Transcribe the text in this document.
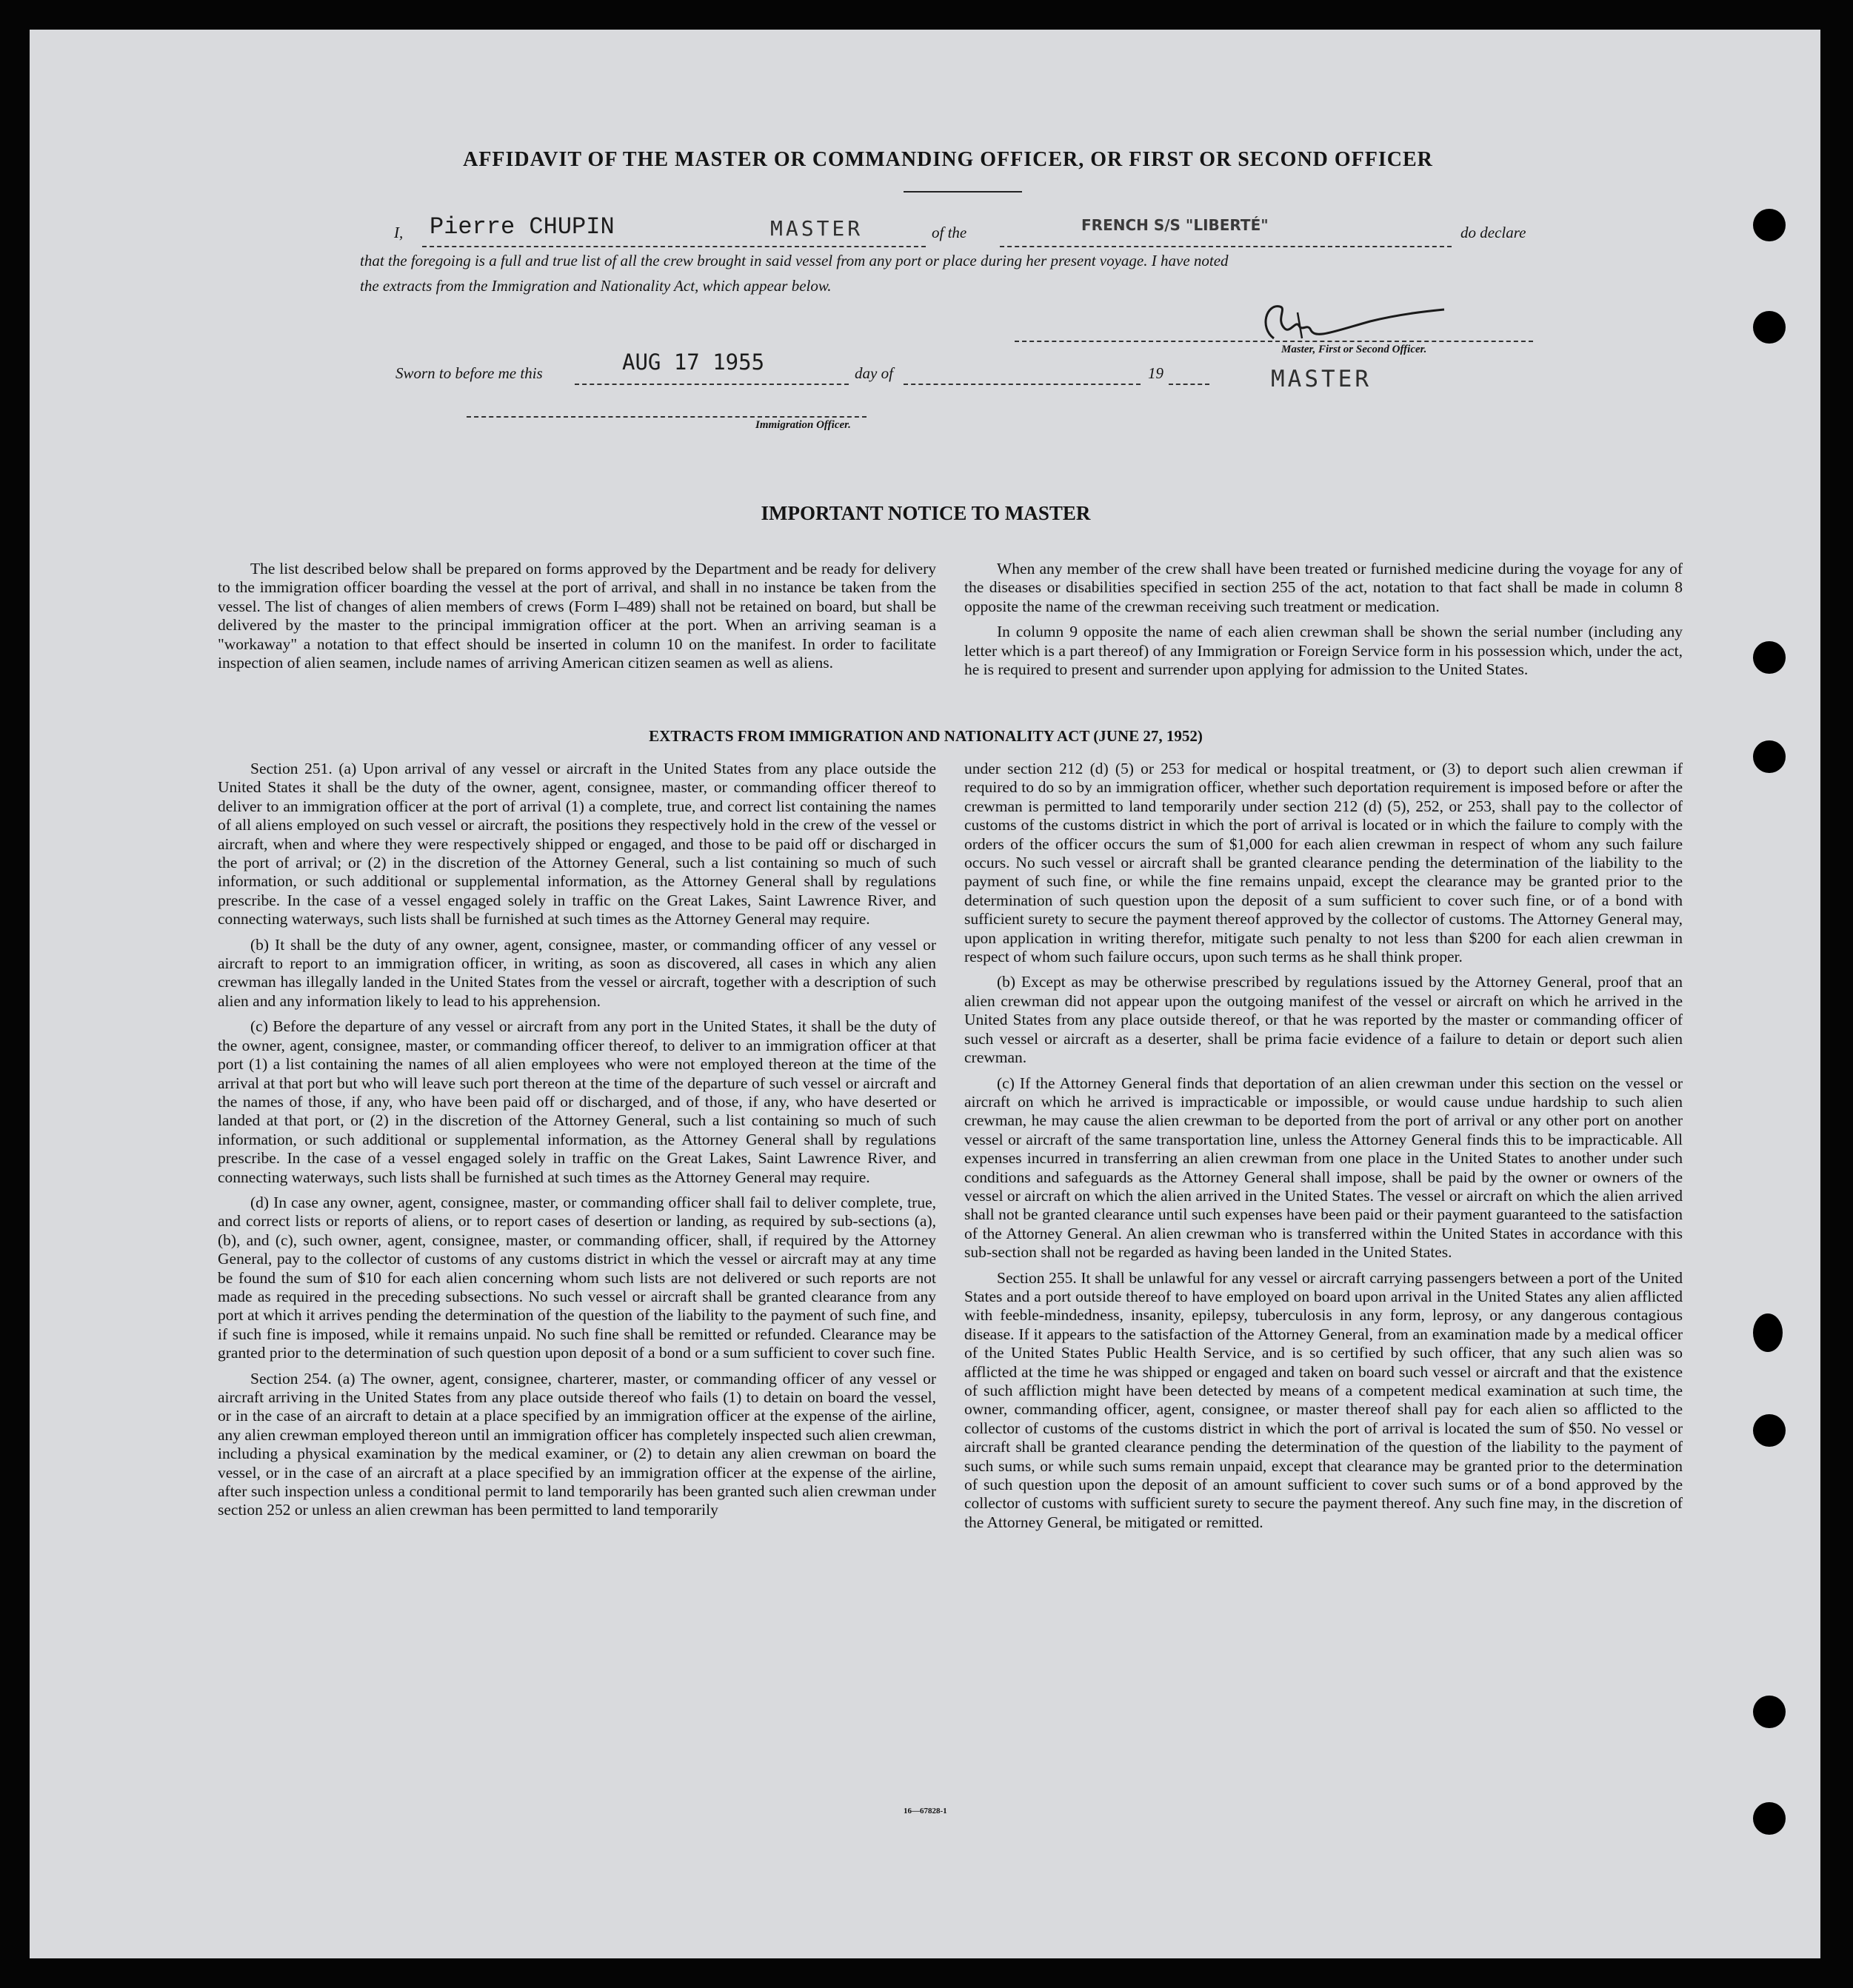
AFFIDAVIT OF THE MASTER OR COMMANDING OFFICER, OR FIRST OR SECOND OFFICER
I, Pierre CHUPIN	MASTER	of the	FRENCH S/S "LIBERTÉ"	do declare
that the foregoing is a full and true list of all the crew brought in said vessel from any port or place during her present voyage. I have noted
the extracts from the Immigration and Nationality Act, which appear below.
Master, First or Second Officer.
MASTER
Sworn to before me this	AUG 17 1955	day of	19
Immigration Officer.
IMPORTANT NOTICE TO MASTER

The list described below shall be prepared on forms approved by the Department and be ready for delivery to the immigration officer boarding the vessel at the port of arrival, and shall in no instance be taken from the vessel. The list of changes of alien members of crews (Form I–489) shall not be retained on board, but shall be delivered by the master to the principal immigration officer at the port. When an arriving seaman is a "workaway" a notation to that effect should be inserted in column 10 on the manifest. In order to facilitate inspection of alien seamen, include names of arriving American citizen seamen as well as aliens.

When any member of the crew shall have been treated or furnished medicine during the voyage for any of the diseases or disabilities specified in section 255 of the act, notation to that fact shall be made in column 8 opposite the name of the crewman receiving such treatment or medication.

In column 9 opposite the name of each alien crewman shall be shown the serial number (including any letter which is a part thereof) of any Immigration or Foreign Service form in his possession which, under the act, he is required to present and surrender upon applying for admission to the United States.

EXTRACTS FROM IMMIGRATION AND NATIONALITY ACT (JUNE 27, 1952)

Section 251. (a) Upon arrival of any vessel or aircraft in the United States from any place outside the United States it shall be the duty of the owner, agent, consignee, master, or commanding officer thereof to deliver to an immigration officer at the port of arrival (1) a complete, true, and correct list containing the names of all aliens employed on such vessel or aircraft, the positions they respectively hold in the crew of the vessel or aircraft, when and where they were respectively shipped or engaged, and those to be paid off or discharged in the port of arrival; or (2) in the discretion of the Attorney General, such a list containing so much of such information, or such additional or supplemental information, as the Attorney General shall by regulations prescribe. In the case of a vessel engaged solely in traffic on the Great Lakes, Saint Lawrence River, and connecting waterways, such lists shall be furnished at such times as the Attorney General may require.

(b) It shall be the duty of any owner, agent, consignee, master, or commanding officer of any vessel or aircraft to report to an immigration officer, in writing, as soon as discovered, all cases in which any alien crewman has illegally landed in the United States from the vessel or aircraft, together with a description of such alien and any information likely to lead to his apprehension.

(c) Before the departure of any vessel or aircraft from any port in the United States, it shall be the duty of the owner, agent, consignee, master, or commanding officer thereof, to deliver to an immigration officer at that port (1) a list containing the names of all alien employees who were not employed thereon at the time of the arrival at that port but who will leave such port thereon at the time of the departure of such vessel or aircraft and the names of those, if any, who have been paid off or discharged, and of those, if any, who have deserted or landed at that port, or (2) in the discretion of the Attorney General, such a list containing so much of such information, or such additional or supplemental information, as the Attorney General shall by regulations prescribe. In the case of a vessel engaged solely in traffic on the Great Lakes, Saint Lawrence River, and connecting waterways, such lists shall be furnished at such times as the Attorney General may require.

(d) In case any owner, agent, consignee, master, or commanding officer shall fail to deliver complete, true, and correct lists or reports of aliens, or to report cases of desertion or landing, as required by sub-sections (a), (b), and (c), such owner, agent, consignee, master, or commanding officer, shall, if required by the Attorney General, pay to the collector of customs of any customs district in which the vessel or aircraft may at any time be found the sum of $10 for each alien concerning whom such lists are not delivered or such reports are not made as required in the preceding subsections. No such vessel or aircraft shall be granted clearance from any port at which it arrives pending the determination of the question of the liability to the payment of such fine, and if such fine is imposed, while it remains unpaid. No such fine shall be remitted or refunded. Clearance may be granted prior to the determination of such question upon deposit of a bond or a sum sufficient to cover such fine.

Section 254. (a) The owner, agent, consignee, charterer, master, or commanding officer of any vessel or aircraft arriving in the United States from any place outside thereof who fails (1) to detain on board the vessel, or in the case of an aircraft to detain at a place specified by an immigration officer at the expense of the airline, any alien crewman employed thereon until an immigration officer has completely inspected such alien crewman, including a physical examination by the medical examiner, or (2) to detain any alien crewman on board the vessel, or in the case of an aircraft at a place specified by an immigration officer at the expense of the airline, after such inspection unless a conditional permit to land temporarily has been granted such alien crewman under section 252 or unless an alien crewman has been permitted to land temporarily

under section 212 (d) (5) or 253 for medical or hospital treatment, or (3) to deport such alien crewman if required to do so by an immigration officer, whether such deportation requirement is imposed before or after the crewman is permitted to land temporarily under section 212 (d) (5), 252, or 253, shall pay to the collector of customs of the customs district in which the port of arrival is located or in which the failure to comply with the orders of the officer occurs the sum of $1,000 for each alien crewman in respect of whom any such failure occurs. No such vessel or aircraft shall be granted clearance pending the determination of the liability to the payment of such fine, or while the fine remains unpaid, except the clearance may be granted prior to the determination of such question upon the deposit of a sum sufficient to cover such fine, or of a bond with sufficient surety to secure the payment thereof approved by the collector of customs. The Attorney General may, upon application in writing therefor, mitigate such penalty to not less than $200 for each alien crewman in respect of whom such failure occurs, upon such terms as he shall think proper.

(b) Except as may be otherwise prescribed by regulations issued by the Attorney General, proof that an alien crewman did not appear upon the outgoing manifest of the vessel or aircraft on which he arrived in the United States from any place outside thereof, or that he was reported by the master or commanding officer of such vessel or aircraft as a deserter, shall be prima facie evidence of a failure to detain or deport such alien crewman.

(c) If the Attorney General finds that deportation of an alien crewman under this section on the vessel or aircraft on which he arrived is impracticable or impossible, or would cause undue hardship to such alien crewman, he may cause the alien crewman to be deported from the port of arrival or any other port on another vessel or aircraft of the same transportation line, unless the Attorney General finds this to be impracticable. All expenses incurred in transferring an alien crewman from one place in the United States to another under such conditions and safeguards as the Attorney General shall impose, shall be paid by the owner or owners of the vessel or aircraft on which the alien arrived in the United States. The vessel or aircraft on which the alien arrived shall not be granted clearance until such expenses have been paid or their payment guaranteed to the satisfaction of the Attorney General. An alien crewman who is transferred within the United States in accordance with this sub-section shall not be regarded as having been landed in the United States.

Section 255. It shall be unlawful for any vessel or aircraft carrying passengers between a port of the United States and a port outside thereof to have employed on board upon arrival in the United States any alien afflicted with feeble-mindedness, insanity, epilepsy, tuberculosis in any form, leprosy, or any dangerous contagious disease. If it appears to the satisfaction of the Attorney General, from an examination made by a medical officer of the United States Public Health Service, and is so certified by such officer, that any such alien was so afflicted at the time he was shipped or engaged and taken on board such vessel or aircraft and that the existence of such affliction might have been detected by means of a competent medical examination at such time, the owner, commanding officer, agent, consignee, or master thereof shall pay for each alien so afflicted to the collector of customs of the customs district in which the port of arrival is located the sum of $50. No vessel or aircraft shall be granted clearance pending the determination of the question of the liability to the payment of such sums, or while such sums remain unpaid, except that clearance may be granted prior to the determination of such question upon the deposit of an amount sufficient to cover such sums or of a bond approved by the collector of customs with sufficient surety to secure the payment thereof. Any such fine may, in the discretion of the Attorney General, be mitigated or remitted.

16—67828-1
